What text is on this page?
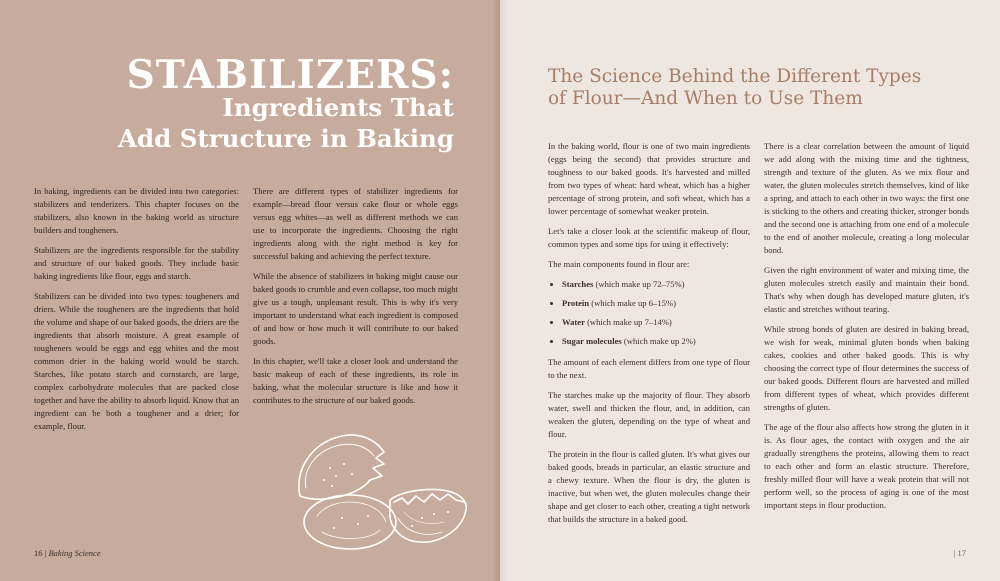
STABILIZERS:
Ingredients That
Add Structure in Baking

In baking, ingredients can be divided into two categories: stabilizers and tenderizers. This chapter focuses on the stabilizers, also known in the baking world as structure builders and tougheners.

Stabilizers are the ingredients responsible for the stability and structure of our baked goods. They include basic baking ingredients like flour, eggs and starch.

Stabilizers can be divided into two types: tougheners and driers. While the tougheners are the ingredients that hold the volume and shape of our baked goods, the driers are the ingredients that absorb moisture. A great example of tougheners would be eggs and egg whites and the most common drier in the baking world would be starch. Starches, like potato starch and cornstarch, are large, complex carbohydrate molecules that are packed close together and have the ability to absorb liquid. Know that an ingredient can be both a toughener and a drier; for example, flour.

There are different types of stabilizer ingredients for example—bread flour versus cake flour or whole eggs versus egg whites—as well as different methods we can use to incorporate the ingredients. Choosing the right ingredients along with the right method is key for successful baking and achieving the perfect texture.

While the absence of stabilizers in baking might cause our baked goods to crumble and even collapse, too much might give us a tough, unpleasant result. This is why it's very important to understand what each ingredient is composed of and how or how much it will contribute to our baked goods.

In this chapter, we'll take a closer look and understand the basic makeup of each of these ingredients, its role in baking, what the molecular structure is like and how it contributes to the structure of our baked goods.

16 | Baking Science
The Science Behind the Different Types
of Flour—And When to Use Them

In the baking world, flour is one of two main ingredients (eggs being the second) that provides structure and toughness to our baked goods. It's harvested and milled from two types of wheat: hard wheat, which has a higher percentage of strong protein, and soft wheat, which has a lower percentage of somewhat weaker protein.

Let's take a closer look at the scientific makeup of flour, common types and some tips for using it effectively:

The main components found in flour are:

• Starches (which make up 72–75%)
• Protein (which make up 6–15%)
• Water (which make up 7–14%)
• Sugar molecules (which make up 2%)

The amount of each element differs from one type of flour to the next.

The starches make up the majority of flour. They absorb water, swell and thicken the flour, and, in addition, can weaken the gluten, depending on the type of wheat and flour.

The protein in the flour is called gluten. It's what gives our baked goods, breads in particular, an elastic structure and a chewy texture. When the flour is dry, the gluten is inactive, but when wet, the gluten molecules change their shape and get closer to each other, creating a tight network that builds the structure in a baked good.

There is a clear correlation between the amount of liquid we add along with the mixing time and the tightness, strength and texture of the gluten. As we mix flour and water, the gluten molecules stretch themselves, kind of like a spring, and attach to each other in two ways: the first one is sticking to the others and creating thicker, stronger bonds and the second one is attaching from one end of a molecule to the end of another molecule, creating a long molecular bond.

Given the right environment of water and mixing time, the gluten molecules stretch easily and maintain their bond. That's why when dough has developed mature gluten, it's elastic and stretches without tearing.

While strong bonds of gluten are desired in baking bread, we wish for weak, minimal gluten bonds when baking cakes, cookies and other baked goods. This is why choosing the correct type of flour determines the success of our baked goods. Different flours are harvested and milled from different types of wheat, which provides different strengths of gluten.

The age of the flour also affects how strong the gluten in it is. As flour ages, the contact with oxygen and the air gradually strengthens the proteins, allowing them to react to each other and form an elastic structure. Therefore, freshly milled flour will have a weak protein that will not perform well, so the process of aging is one of the most important steps in flour production.

| 17
